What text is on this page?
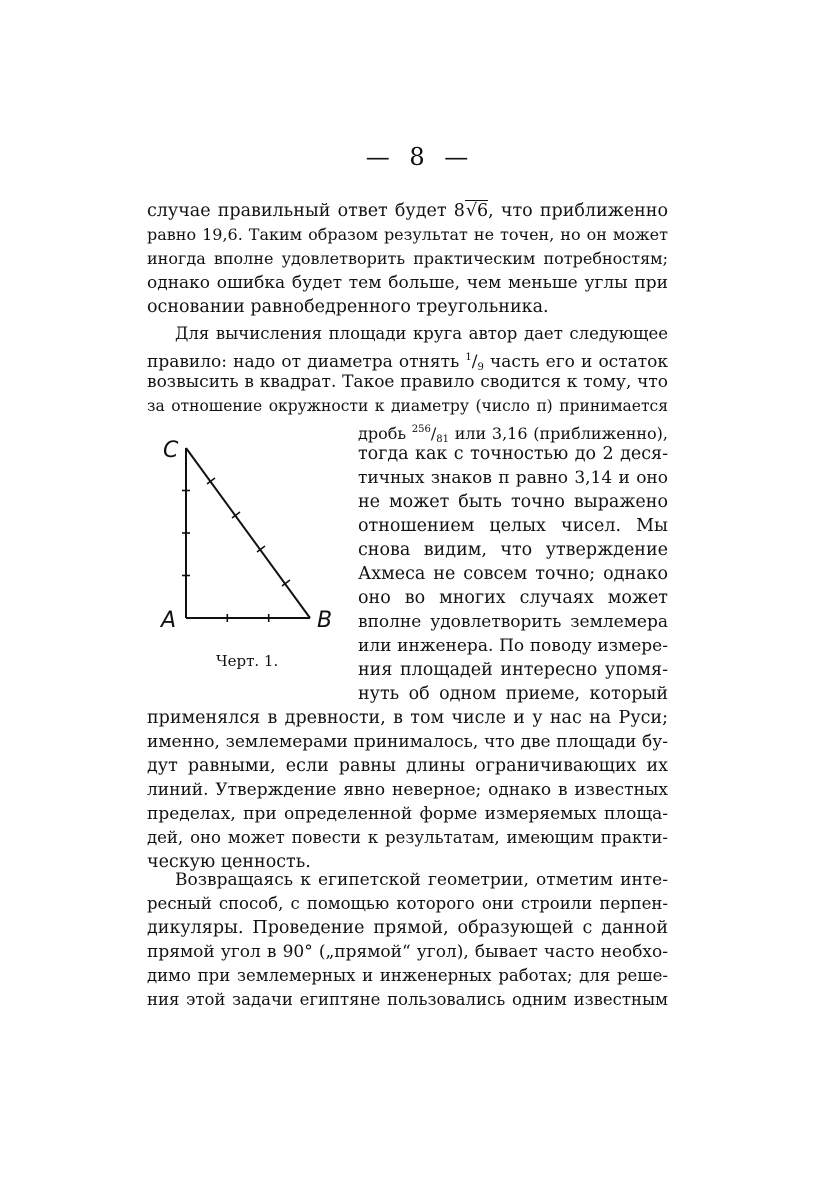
— 8 —
случае правильный ответ будет 8√6, что приближенно
равно 19,6. Таким образом результат не точен, но он может
иногда вполне удовлетворить практическим потребностям;
однако ошибка будет тем больше, чем меньше углы при
основании равнобедренного треугольника.
Для вычисления площади круга автор дает следующее
правило: надо от диаметра отнять $^1/_9$ часть его и остаток
возвысить в квадрат. Такое правило сводится к тому, что
за отношение окружности к диаметру (число π) принимается
дробь $^{256}/_{81}$ или 3,16 (приближенно),
тогда как с точностью до 2 деся-
тичных знаков π равно 3,14 и оно
не может быть точно выражено
отношением целых чисел. Мы
снова видим, что утверждение
Ахмеса не совсем точно; однако
оно во многих случаях может
вполне удовлетворить землемера
или инженера. По поводу измере-
ния площадей интересно упомя-
нуть об одном приеме, который
применялся в древности, в том числе и у нас на Руси;
именно, землемерами принималось, что две площади бу-
дут равными, если равны длины ограничивающих их
линий. Утверждение явно неверное; однако в известных
пределах, при определенной форме измеряемых площа-
дей, оно может повести к результатам, имеющим практи-
ческую ценность.
C
A	B
Черт. 1.
Возвращаясь к египетской геометрии, отметим инте-
ресный способ, с помощью которого они строили перпен-
дикуляры. Проведение прямой, образующей с данной
прямой угол в 90° („прямой“ угол), бывает часто необхо-
димо при землемерных и инженерных работах; для реше-
ния этой задачи египтяне пользовались одним известным
